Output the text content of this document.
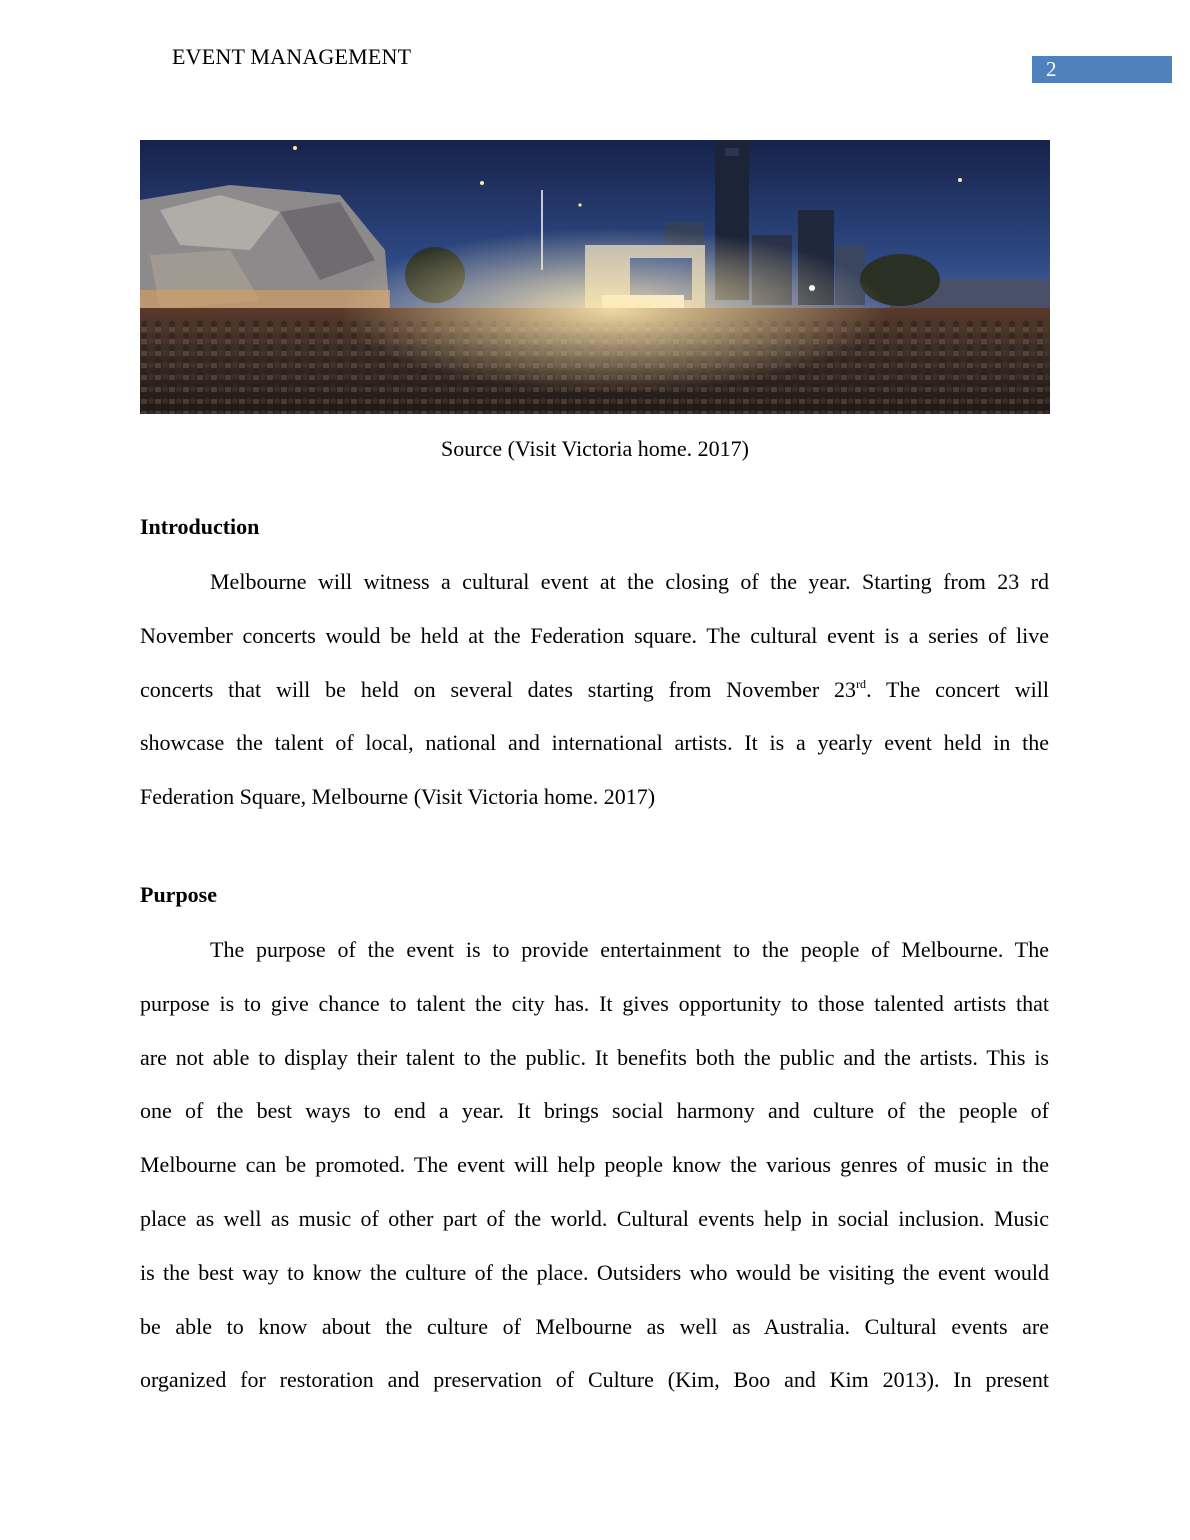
EVENT MANAGEMENT	2
Source (Visit Victoria home. 2017)
Introduction
Melbourne will witness a cultural event at the closing of the year. Starting from 23 rd
November concerts would be held at the Federation square. The cultural event is a series of live
concerts that will be held on several dates starting from November 23rd. The concert will
showcase the talent of local, national and international artists. It is a yearly event held in the
Federation Square, Melbourne (Visit Victoria home. 2017)
Purpose
The purpose of the event is to provide entertainment to the people of Melbourne. The
purpose is to give chance to talent the city has. It gives opportunity to those talented artists that
are not able to display their talent to the public. It benefits both the public and the artists. This is
one of the best ways to end a year. It brings social harmony and culture of the people of
Melbourne can be promoted. The event will help people know the various genres of music in the
place as well as music of other part of the world. Cultural events help in social inclusion. Music
is the best way to know the culture of the place. Outsiders who would be visiting the event would
be able to know about the culture of Melbourne as well as Australia. Cultural events are
organized for restoration and preservation of Culture (Kim, Boo and Kim 2013). In present
